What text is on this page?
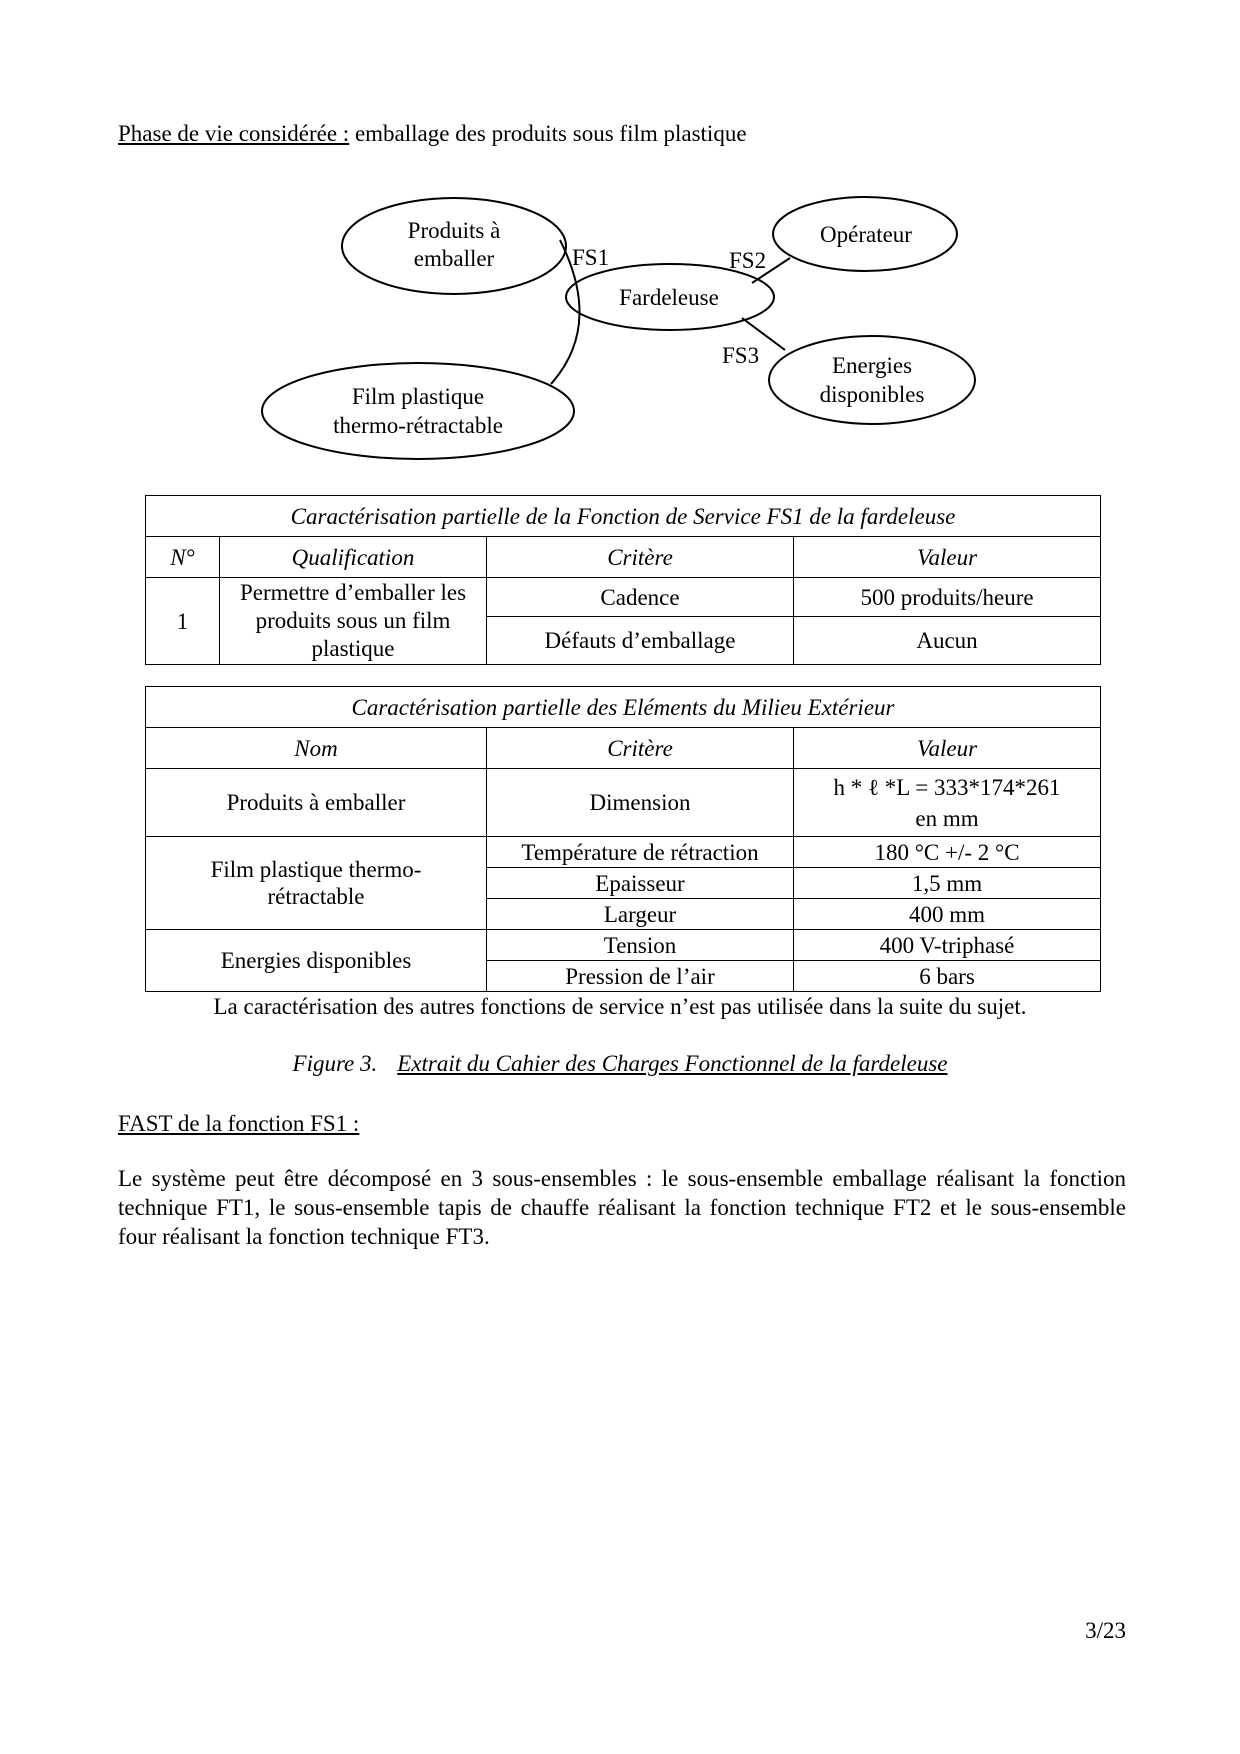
Phase de vie considérée : emballage des produits sous film plastique
Produits à
emballer
Opérateur
Fardeleuse
Energies
disponibles
Film plastique
thermo-rétractable
FS1	FS2
FS3
Caractérisation partielle de la Fonction de Service FS1 de la fardeleuse			
N°	Qualification	Critère	Valeur
1	Permettre d’emballer les
produits sous un film
plastique	Cadence	500 produits/heure
		Défauts d’emballage	Aucun
Caractérisation partielle des Eléments du Milieu Extérieur		
Nom	Critère	Valeur
Produits à emballer	Dimension	h * ℓ *L = 333*174*261
en mm

Film plastique thermo-
rétractable	Température de rétraction	180 °C +/- 2 °C
	Epaisseur	1,5 mm
	Largeur	400 mm
Energies disponibles	Tension	400 V-triphasé
	Pression de l’air	6 bars
La caractérisation des autres fonctions de service n’est pas utilisée dans la suite du sujet.
Figure 3. Extrait du Cahier des Charges Fonctionnel de la fardeleuse
FAST de la fonction FS1 :
Le système peut être décomposé en 3 sous-ensembles : le sous-ensemble emballage réalisant la fonction technique FT1, le sous-ensemble tapis de chauffe réalisant la fonction technique FT2 et le sous-ensemble four réalisant la fonction technique FT3.
3/23
